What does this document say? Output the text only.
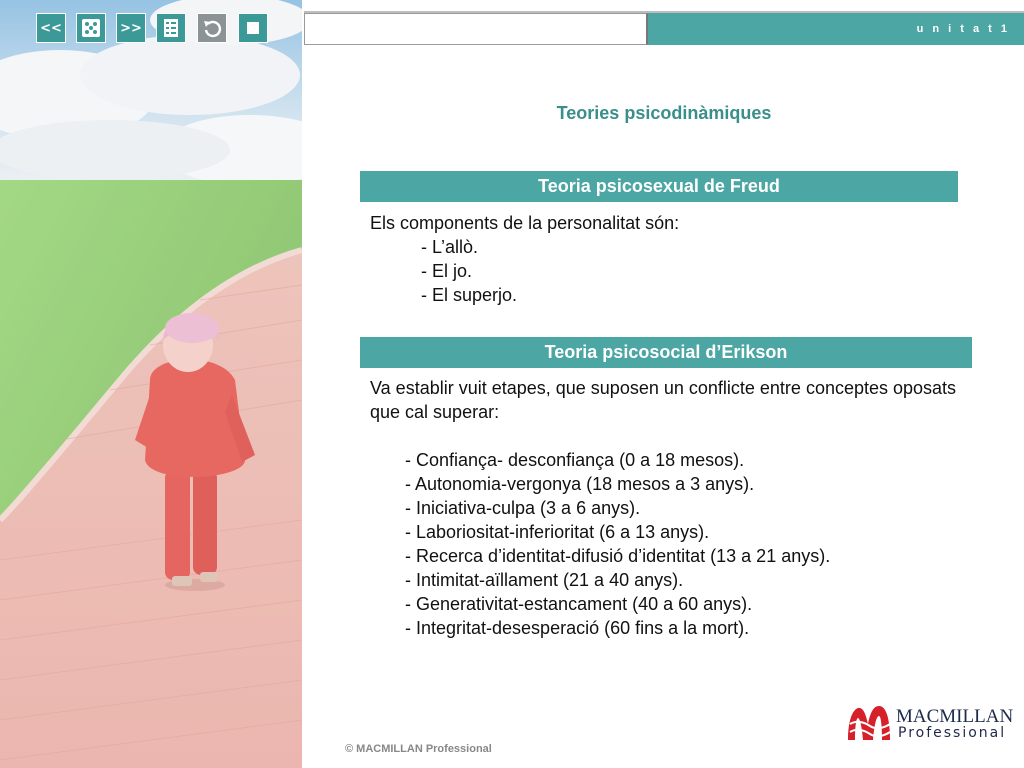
<<	>>	u n i t a t 1
Teories psicodinàmiques
Teoria psicosexual de Freud
Els components de la personalitat són:
- L’allò.
- El jo.
- El superjo.
Teoria psicosocial d’Erikson
Va establir vuit etapes, que suposen un conflicte entre conceptes oposats que cal superar:
- Confiança- desconfiança (0 a 18 mesos).
- Autonomia-vergonya (18 mesos a 3 anys).
- Iniciativa-culpa (3 a 6 anys).
- Laboriositat-inferioritat (6 a 13 anys).
- Recerca d’identitat-difusió d’identitat (13 a 21 anys).
- Intimitat-aïllament (21 a 40 anys).
- Generativitat-estancament (40 a 60 anys).
- Integritat-desesperació (60 fins a la mort).
© MACMILLAN Professional
MACMILLAN
Professional
